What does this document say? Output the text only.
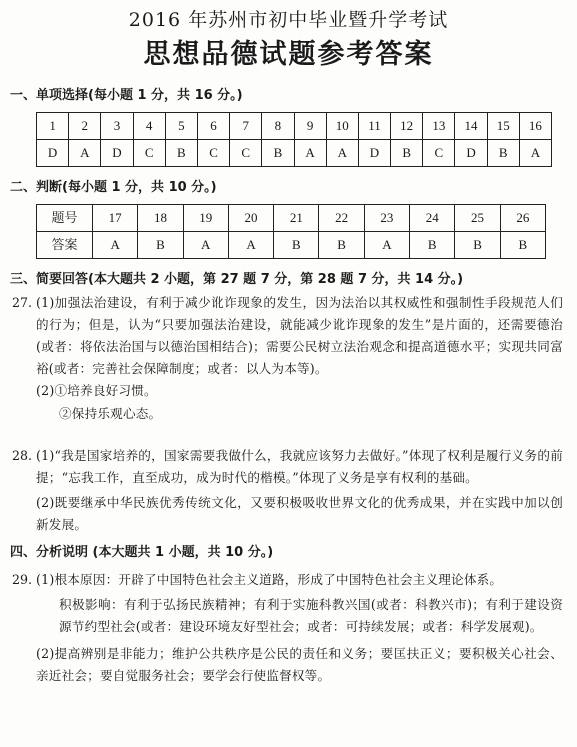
2016 年苏州市初中毕业暨升学考试
思想品德试题参考答案
一、单项选择(每小题 1 分，共 16 分。)
1	2	3	4	5	6	7	8	9	10	11	12	13	14	15	16
D	A	D	C	B	C	C	B	A	A	D	B	C	D	B	A
二、判断(每小题 1 分，共 10 分。)
题号	17	18	19	20	21	22	23	24	25	26
答案	A	B	A	A	B	B	A	B	B	B
三、简要回答(本大题共 2 小题，第 27 题 7 分，第 28 题 7 分，共 14 分。)
27. (1)加强法治建设，有利于减少讹诈现象的发生，因为法治以其权威性和强制性手段规范人们的行为；但是，认为“只要加强法治建设，就能减少讹诈现象的发生”是片面的，还需要德治(或者：将依法治国与以德治国相结合)；需要公民树立法治观念和提高道德水平；实现共同富裕(或者：完善社会保障制度；或者：以人为本等)。
(2)①培养良好习惯。
②保持乐观心态。
28. (1)“我是国家培养的，国家需要我做什么，我就应该努力去做好。”体现了权利是履行义务的前提；“忘我工作，直至成功，成为时代的楷模。”体现了义务是享有权利的基础。
(2)既要继承中华民族优秀传统文化，又要积极吸收世界文化的优秀成果，并在实践中加以创新发展。
四、分析说明 (本大题共 1 小题，共 10 分。)
29. (1)根本原因：开辟了中国特色社会主义道路，形成了中国特色社会主义理论体系。
积极影响：有利于弘扬民族精神；有利于实施科教兴国(或者：科教兴市)；有利于建设资源节约型社会(或者：建设环境友好型社会；或者：可持续发展；或者：科学发展观)。
(2)提高辨别是非能力；维护公共秩序是公民的责任和义务；要匡扶正义；要积极关心社会、亲近社会；要自觉服务社会；要学会行使监督权等。
